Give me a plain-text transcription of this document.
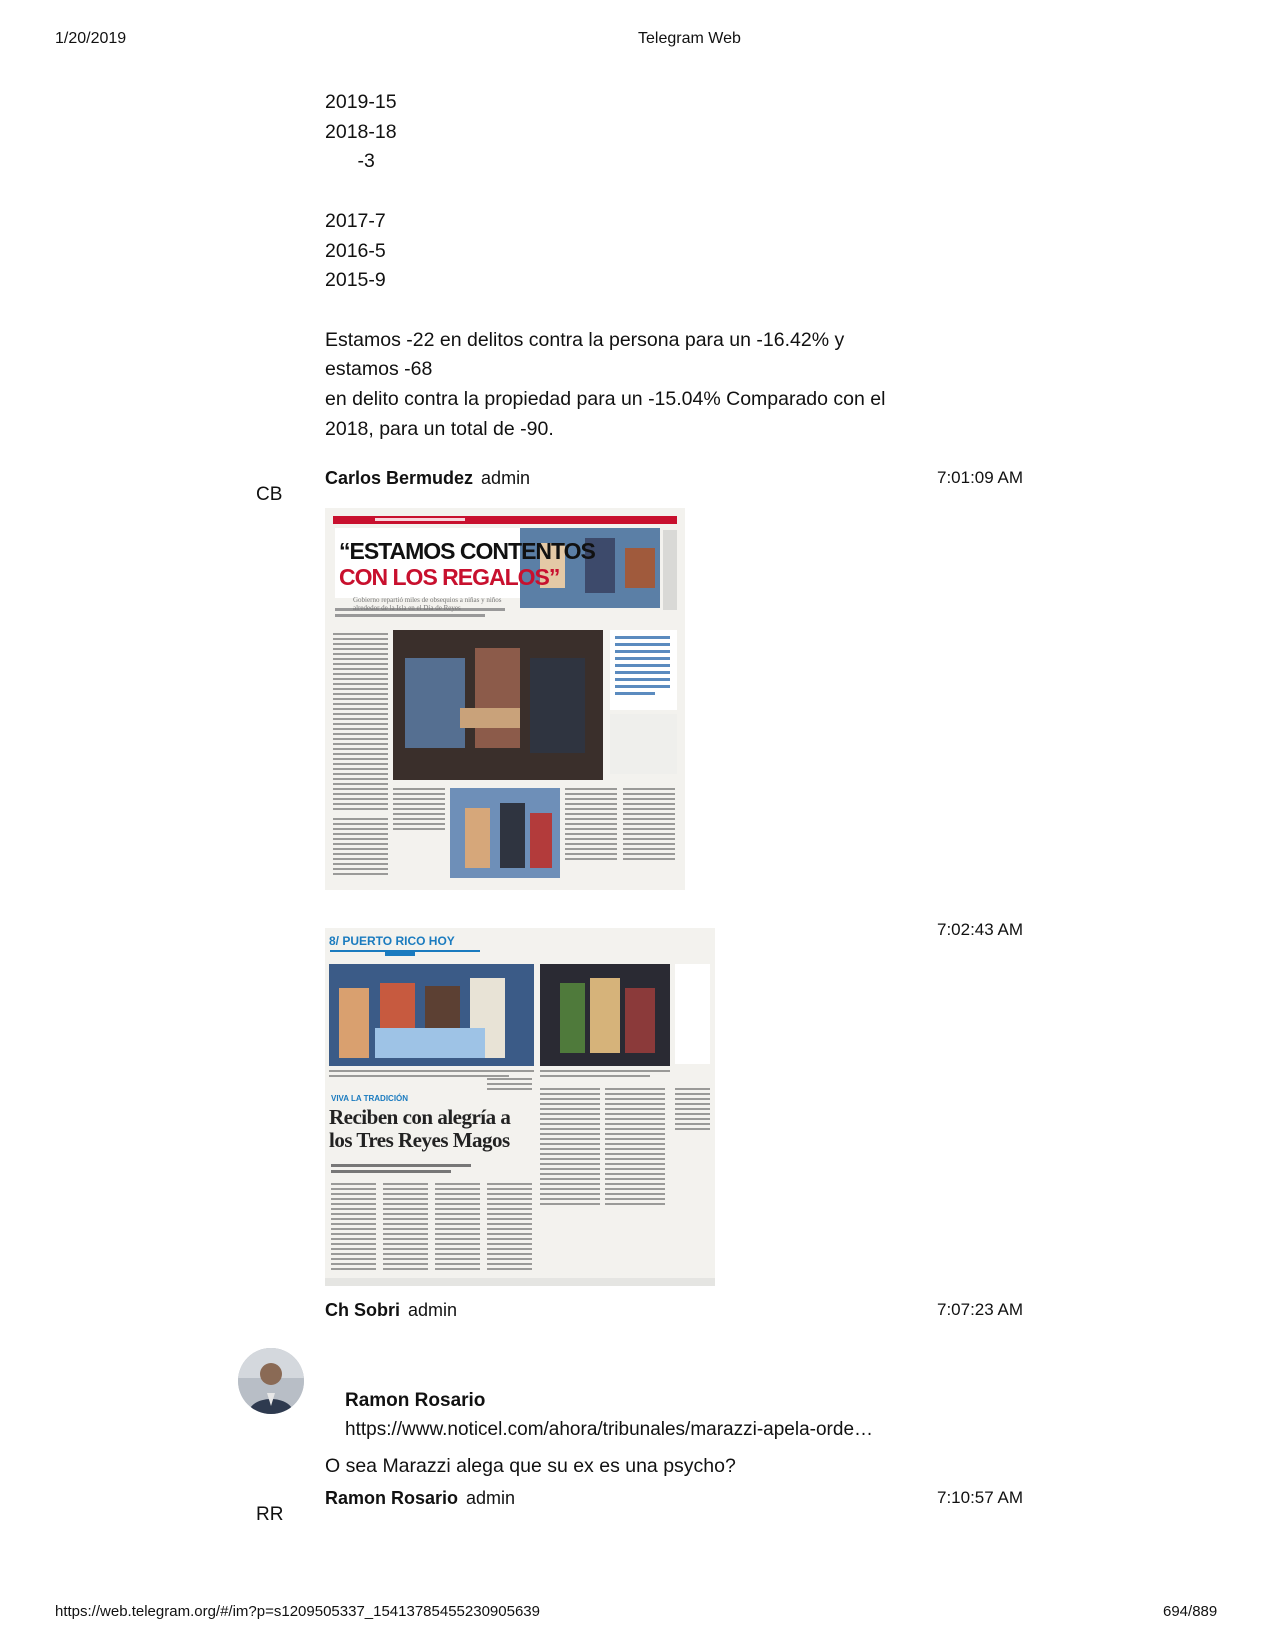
1/20/2019	Telegram Web
2019-15
2018-18
-3
2017-7
2016-5
2015-9
Estamos -22 en delitos contra la persona para un -16.42% y
estamos -68
en delito contra la propiedad para un -15.04% Comparado con el
2018, para un total de -90.
CB
Carlos Bermudez admin	7:01:09 AM
“ESTAMOS CONTENTOS
CON LOS REGALOS”
Gobierno repartió miles de obsequios a niñas y niños alrededor de la Isla en el Día de Reyes
7:02:43 AM
8/ PUERTO RICO HOY
VIVA LA TRADICIÓN
Reciben con alegría a
los Tres Reyes Magos
Ch Sobri admin	7:07:23 AM
Ramon Rosario
https://www.noticel.com/ahora/tribunales/marazzi-apela-orde…
O sea Marazzi alega que su ex es una psycho?
RR
Ramon Rosario admin	7:10:57 AM
https://web.telegram.org/#/im?p=s1209505337_15413785455230905639	694/889
